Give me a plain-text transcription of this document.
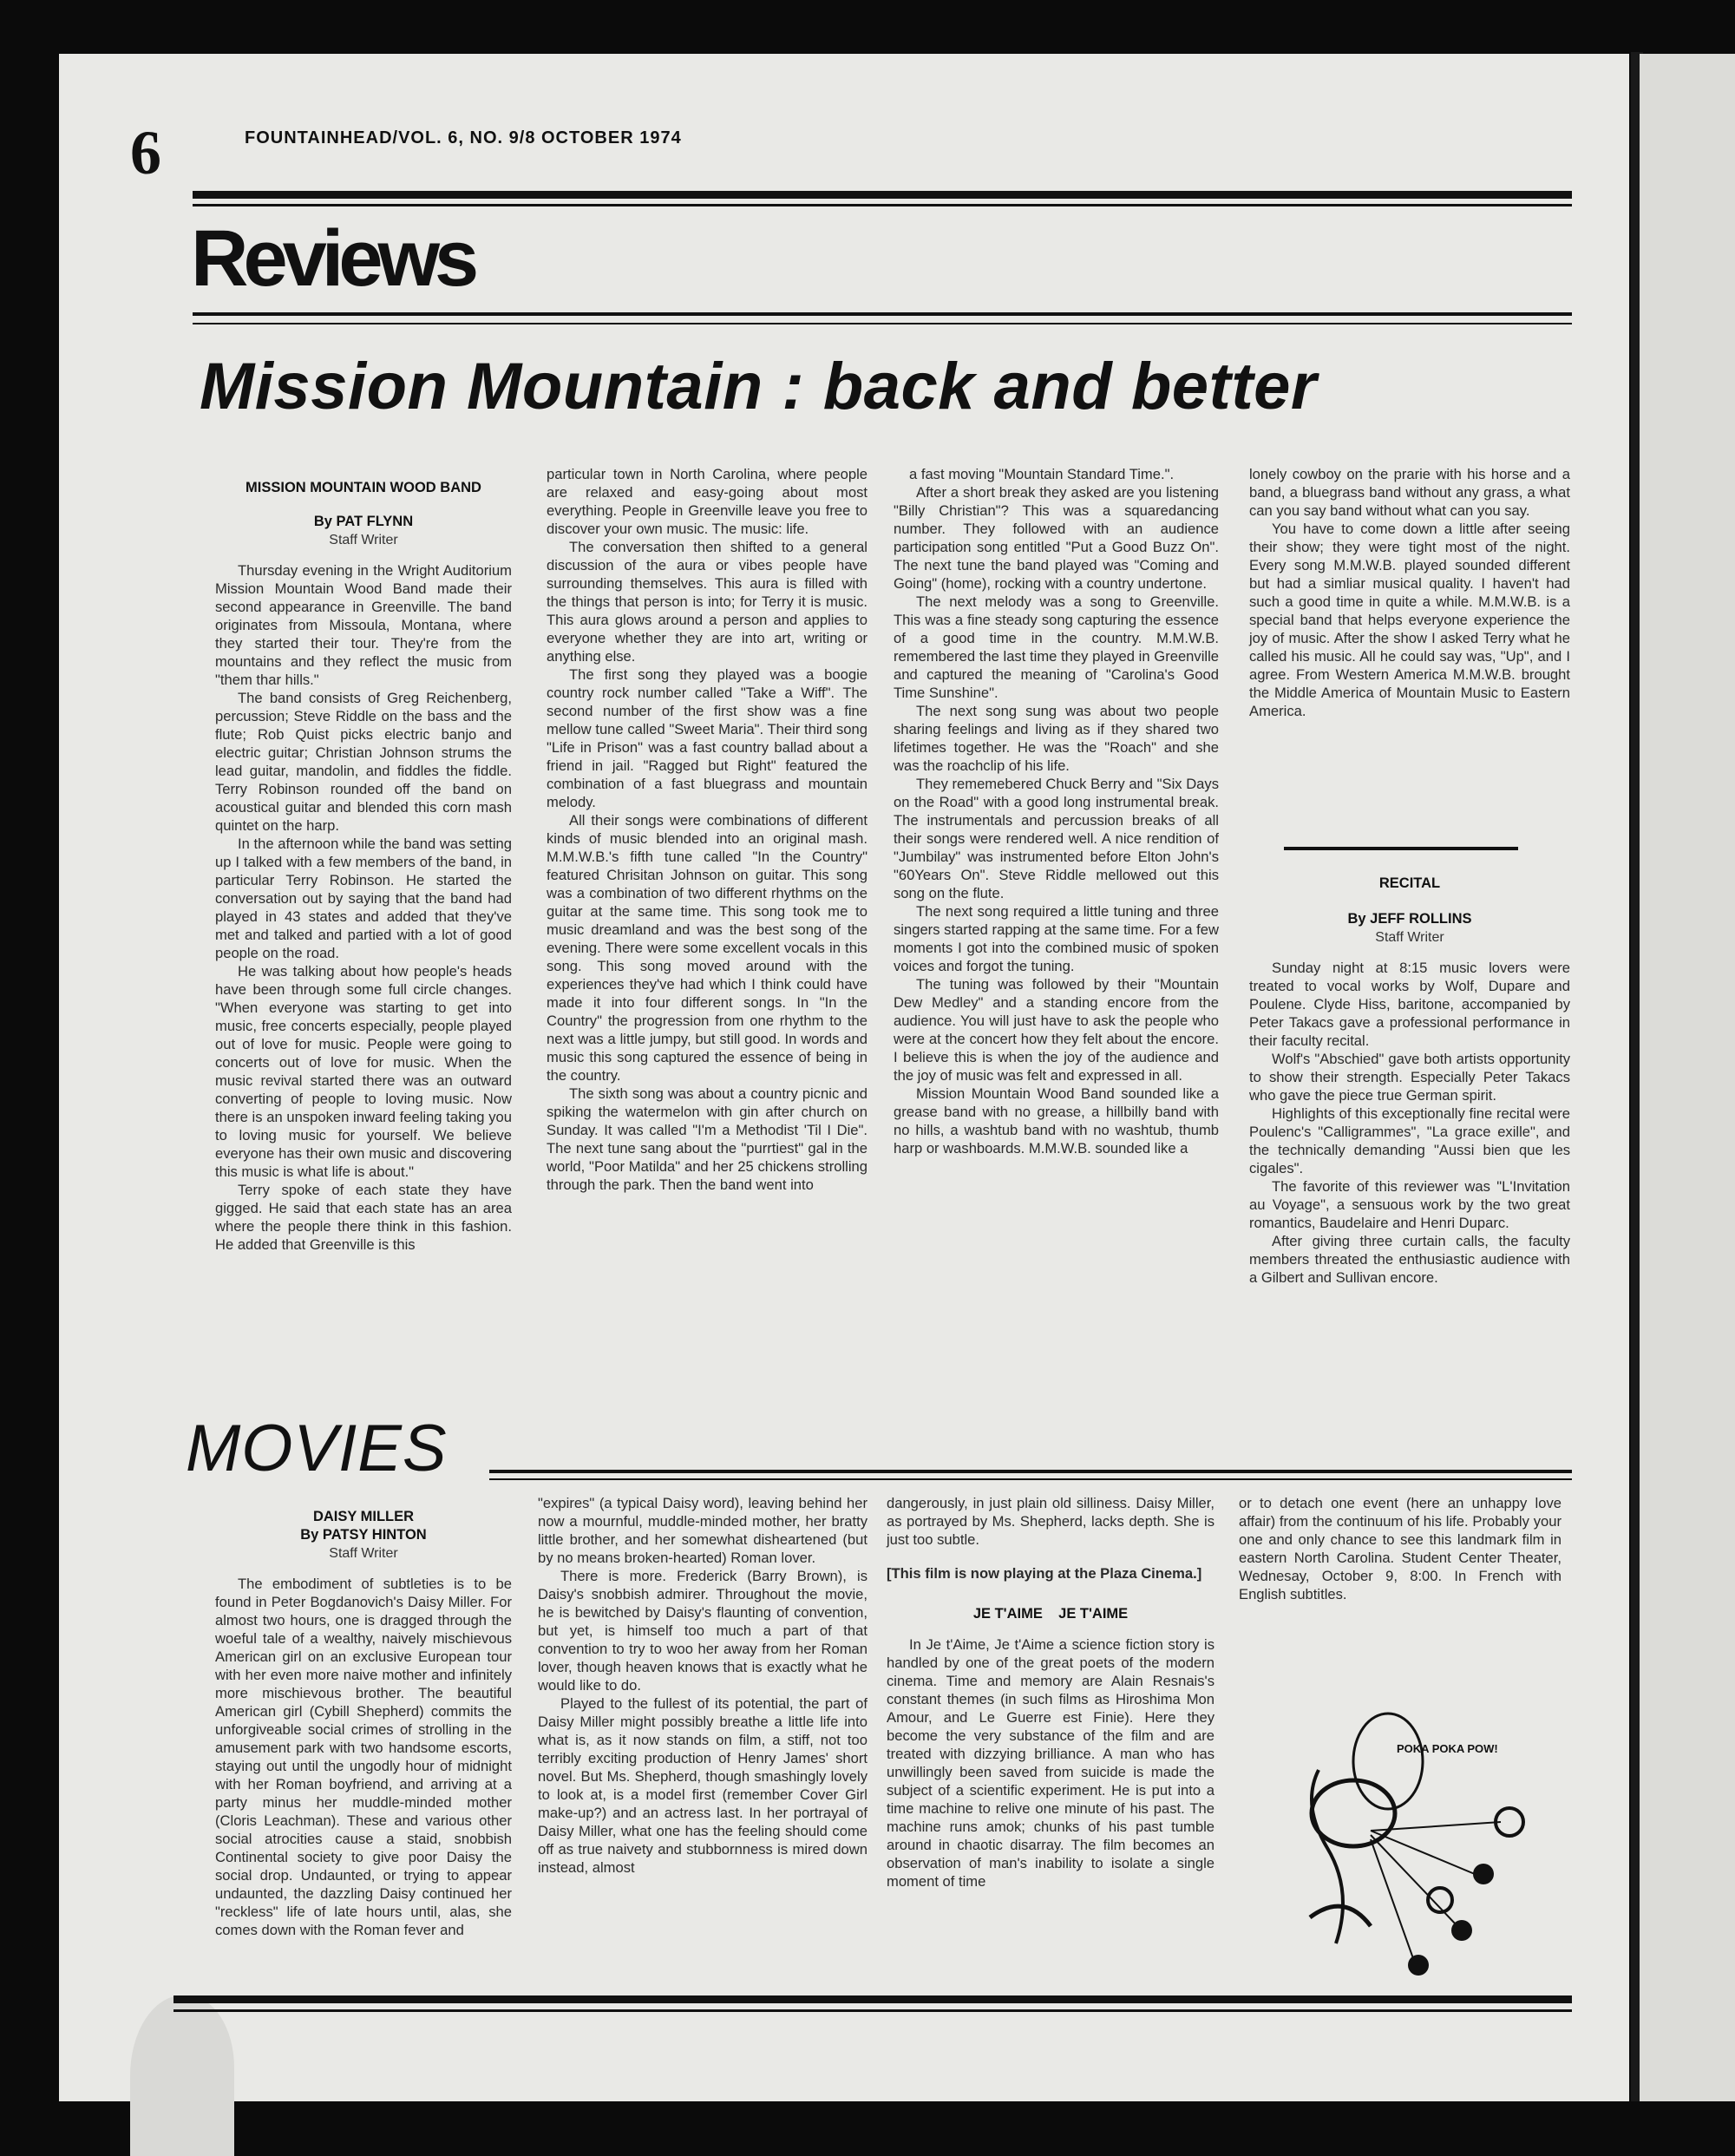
6	FOUNTAINHEAD/VOL. 6, NO. 9/8 OCTOBER 1974
Reviews
Mission Mountain : back and better

MISSION MOUNTAIN WOOD BAND

By PAT FLYNN

Staff Writer

Thursday evening in the Wright Auditorium Mission Mountain Wood Band made their second appearance in Greenville. The band originates from Missoula, Montana, where they started their tour. They're from the mountains and they reflect the music from "them thar hills."

The band consists of Greg Reichenberg, percussion; Steve Riddle on the bass and the flute; Rob Quist picks electric banjo and electric guitar; Christian Johnson strums the lead guitar, mandolin, and fiddles the fiddle. Terry Robinson rounded off the band on acoustical guitar and blended this corn mash quintet on the harp.

In the afternoon while the band was setting up I talked with a few members of the band, in particular Terry Robinson. He started the conversation out by saying that the band had played in 43 states and added that they've met and talked and partied with a lot of good people on the road.

He was talking about how people's heads have been through some full circle changes. "When everyone was starting to get into music, free concerts especially, people played out of love for music. People were going to concerts out of love for music. When the music revival started there was an outward converting of people to loving music. Now there is an unspoken inward feeling taking you to loving music for yourself. We believe everyone has their own music and discovering this music is what life is about."

Terry spoke of each state they have gigged. He said that each state has an area where the people there think in this fashion. He added that Greenville is this

particular town in North Carolina, where people are relaxed and easy-going about most everything. People in Greenville leave you free to discover your own music. The music: life.

The conversation then shifted to a general discussion of the aura or vibes people have surrounding themselves. This aura is filled with the things that person is into; for Terry it is music. This aura glows around a person and applies to everyone whether they are into art, writing or anything else.

The first song they played was a boogie country rock number called "Take a Wiff". The second number of the first show was a fine mellow tune called "Sweet Maria". Their third song "Life in Prison" was a fast country ballad about a friend in jail. "Ragged but Right" featured the combination of a fast bluegrass and mountain melody.

All their songs were combinations of different kinds of music blended into an original mash. M.M.W.B.'s fifth tune called "In the Country" featured Chrisitan Johnson on guitar. This song was a combination of two different rhythms on the guitar at the same time. This song took me to music dreamland and was the best song of the evening. There were some excellent vocals in this song. This song moved around with the experiences they've had which I think could have made it into four different songs. In "In the Country" the progression from one rhythm to the next was a little jumpy, but still good. In words and music this song captured the essence of being in the country.

The sixth song was about a country picnic and spiking the watermelon with gin after church on Sunday. It was called "I'm a Methodist 'Til I Die". The next tune sang about the "purrtiest" gal in the world, "Poor Matilda" and her 25 chickens strolling through the park. Then the band went into

a fast moving "Mountain Standard Time.".

After a short break they asked are you listening "Billy Christian"? This was a squaredancing number. They followed with an audience participation song entitled "Put a Good Buzz On". The next tune the band played was "Coming and Going" (home), rocking with a country undertone.

The next melody was a song to Greenville. This was a fine steady song capturing the essence of a good time in the country. M.M.W.B. remembered the last time they played in Greenville and captured the meaning of "Carolina's Good Time Sunshine".

The next song sung was about two people sharing feelings and living as if they shared two lifetimes together. He was the "Roach" and she was the roachclip of his life.

They rememebered Chuck Berry and "Six Days on the Road" with a good long instrumental break. The instrumentals and percussion breaks of all their songs were rendered well. A nice rendition of "Jumbilay" was instrumented before Elton John's "60Years On". Steve Riddle mellowed out this song on the flute.

The next song required a little tuning and three singers started rapping at the same time. For a few moments I got into the combined music of spoken voices and forgot the tuning.

The tuning was followed by their "Mountain Dew Medley" and a standing encore from the audience. You will just have to ask the people who were at the concert how they felt about the encore. I believe this is when the joy of the audience and the joy of music was felt and expressed in all.

Mission Mountain Wood Band sounded like a grease band with no grease, a hillbilly band with no hills, a washtub band with no washtub, thumb harp or washboards. M.M.W.B. sounded like a

lonely cowboy on the prarie with his horse and a band, a bluegrass band without any grass, a what can you say band without what can you say.

You have to come down a little after seeing their show; they were tight most of the night. Every song M.M.W.B. played sounded different but had a simliar musical quality. I haven't had such a good time in quite a while. M.M.W.B. is a special band that helps everyone experience the joy of music. After the show I asked Terry what he called his music. All he could say was, "Up", and I agree. From Western America M.M.W.B. brought the Middle America of Mountain Music to Eastern America.

RECITAL

By JEFF ROLLINS

Staff Writer

Sunday night at 8:15 music lovers were treated to vocal works by Wolf, Dupare and Poulene. Clyde Hiss, baritone, accompanied by Peter Takacs gave a professional performance in their faculty recital.

Wolf's "Abschied" gave both artists opportunity to show their strength. Especially Peter Takacs who gave the piece true German spirit.

Highlights of this exceptionally fine recital were Poulenc's "Calligrammes", "La grace exille", and the technically demanding "Aussi bien que les cigales".

The favorite of this reviewer was "L'Invitation au Voyage", a sensuous work by the two great romantics, Baudelaire and Henri Duparc.

After giving three curtain calls, the faculty members threated the enthusiastic audience with a Gilbert and Sullivan encore.

MOVIES

DAISY MILLER

By PATSY HINTON

Staff Writer

The embodiment of subtleties is to be found in Peter Bogdanovich's Daisy Miller. For almost two hours, one is dragged through the woeful tale of a wealthy, naively mischievous American girl on an exclusive European tour with her even more naive mother and infinitely more mischievous brother. The beautiful American girl (Cybill Shepherd) commits the unforgiveable social crimes of strolling in the amusement park with two handsome escorts, staying out until the ungodly hour of midnight with her Roman boyfriend, and arriving at a party minus her muddle-minded mother (Cloris Leachman). These and various other social atrocities cause a staid, snobbish Continental society to give poor Daisy the social drop. Undaunted, or trying to appear undaunted, the dazzling Daisy continued her "reckless" life of late hours until, alas, she comes down with the Roman fever and

"expires" (a typical Daisy word), leaving behind her now a mournful, muddle-minded mother, her bratty little brother, and her somewhat disheartened (but by no means broken-hearted) Roman lover.

There is more. Frederick (Barry Brown), is Daisy's snobbish admirer. Throughout the movie, he is bewitched by Daisy's flaunting of convention, but yet, is himself too much a part of that convention to try to woo her away from her Roman lover, though heaven knows that is exactly what he would like to do.

Played to the fullest of its potential, the part of Daisy Miller might possibly breathe a little life into what is, as it now stands on film, a stiff, not too terribly exciting production of Henry James' short novel. But Ms. Shepherd, though smashingly lovely to look at, is a model first (remember Cover Girl make-up?) and an actress last. In her portrayal of Daisy Miller, what one has the feeling should come off as true naivety and stubbornness is mired down instead, almost

dangerously, in just plain old silliness. Daisy Miller, as portrayed by Ms. Shepherd, lacks depth. She is just too subtle.

[This film is now playing at the Plaza Cinema.]

JE T'AIME    JE T'AIME

In Je t'Aime, Je t'Aime a science fiction story is handled by one of the great poets of the modern cinema. Time and memory are Alain Resnais's constant themes (in such films as Hiroshima Mon Amour, and Le Guerre est Finie). Here they become the very substance of the film and are treated with dizzying brilliance. A man who has unwillingly been saved from suicide is made the subject of a scientific experiment. He is put into a time machine to relive one minute of his past. The machine runs amok; chunks of his past tumble around in chaotic disarray. The film becomes an observation of man's inability to isolate a single moment of time

or to detach one event (here an unhappy love affair) from the continuum of his life. Probably your one and only chance to see this landmark film in eastern North Carolina. Student Center Theater, Wednesay, October 9, 8:00. In French with English subtitles.

POKA POKA POW!
